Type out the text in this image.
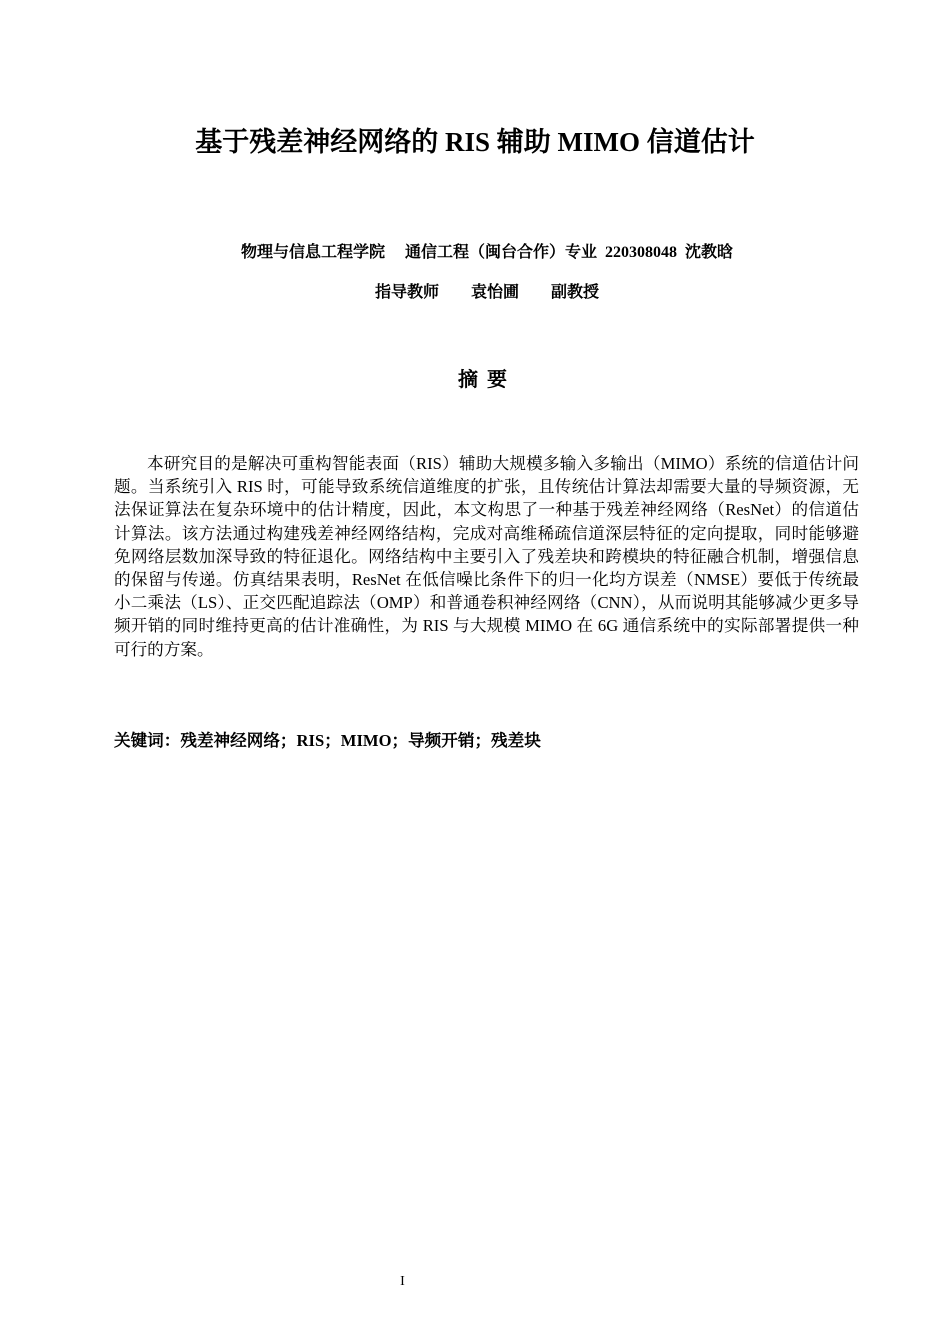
基于残差神经网络的 RIS 辅助 MIMO 信道估计
物理与信息工程学院 通信工程（闽台合作）专业 220308048 沈教晗
指导教师 袁怡圃 副教授
摘要

本研究目的是解决可重构智能表面（RIS）辅助大规模多输入多输出（MIMO）系统的信道估计问题。当系统引入 RIS 时，可能导致系统信道维度的扩张，且传统估计算法却需要大量的导频资源，无法保证算法在复杂环境中的估计精度，因此，本文构思了一种基于残差神经网络（ResNet）的信道估计算法。该方法通过构建残差神经网络结构，完成对高维稀疏信道深层特征的定向提取，同时能够避免网络层数加深导致的特征退化。网络结构中主要引入了残差块和跨模块的特征融合机制，增强信息的保留与传递。仿真结果表明，ResNet 在低信噪比条件下的归一化均方误差（NMSE）要低于传统最小二乘法（LS）、正交匹配追踪法（OMP）和普通卷积神经网络（CNN），从而说明其能够减少更多导频开销的同时维持更高的估计准确性，为 RIS 与大规模 MIMO 在 6G 通信系统中的实际部署提供一种可行的方案。

关键词：残差神经网络；RIS；MIMO；导频开销；残差块
I
